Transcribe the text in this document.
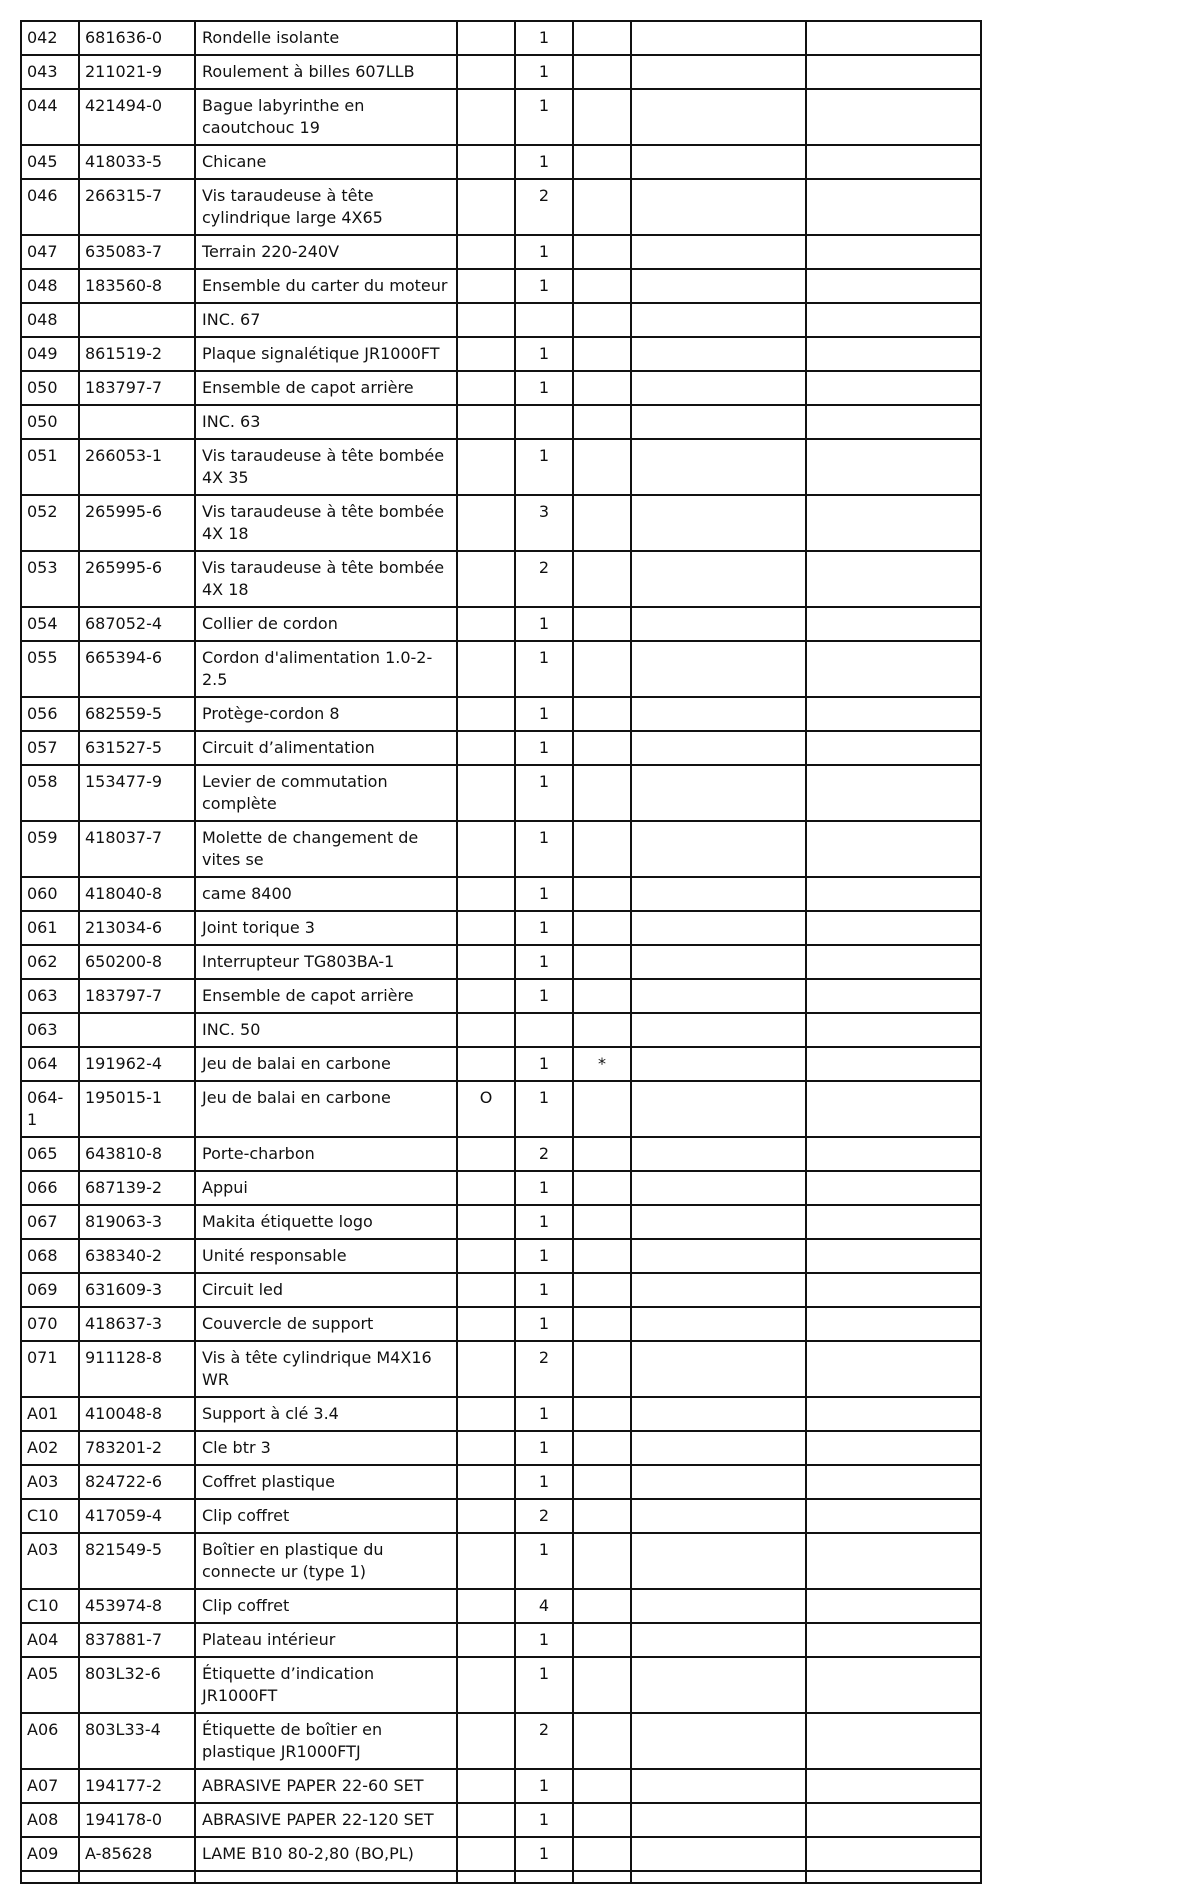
042	681636-0	Rondelle isolante		1			
043	211021-9	Roulement à billes 607LLB		1			
044	421494-0	Bague labyrinthe en caoutchouc 19		1			
045	418033-5	Chicane		1			
046	266315-7	Vis taraudeuse à tête cylindrique large 4X65		2			
047	635083-7	Terrain 220-240V		1			
048	183560-8	Ensemble du carter du moteur		1			
048		INC. 67					
049	861519-2	Plaque signalétique JR1000FT		1			
050	183797-7	Ensemble de capot arrière		1			
050		INC. 63					
051	266053-1	Vis taraudeuse à tête bombée 4X 35		1			
052	265995-6	Vis taraudeuse à tête bombée 4X 18		3			
053	265995-6	Vis taraudeuse à tête bombée 4X 18		2			
054	687052-4	Collier de cordon		1			
055	665394-6	Cordon d'alimentation 1.0-2-2.5		1			
056	682559-5	Protège-cordon 8		1			
057	631527-5	Circuit d’alimentation		1			
058	153477-9	Levier de commutation complète		1			
059	418037-7	Molette de changement de vites se		1			
060	418040-8	came 8400		1			
061	213034-6	Joint torique 3		1			
062	650200-8	Interrupteur TG803BA-1		1			
063	183797-7	Ensemble de capot arrière		1			
063		INC. 50					
064	191962-4	Jeu de balai en carbone		1	*		
064-1	195015-1	Jeu de balai en carbone	O	1			
065	643810-8	Porte-charbon		2			
066	687139-2	Appui		1			
067	819063-3	Makita étiquette logo		1			
068	638340-2	Unité responsable		1			
069	631609-3	Circuit led		1			
070	418637-3	Couvercle de support		1			
071	911128-8	Vis à tête cylindrique M4X16 WR		2			
A01	410048-8	Support à clé 3.4		1			
A02	783201-2	Cle btr 3		1			
A03	824722-6	Coffret plastique		1			
C10	417059-4	Clip coffret		2			
A03	821549-5	Boîtier en plastique du connecte ur (type 1)		1			
C10	453974-8	Clip coffret		4			
A04	837881-7	Plateau intérieur		1			
A05	803L32-6	Étiquette d’indication JR1000FT		1			
A06	803L33-4	Étiquette de boîtier en plastique JR1000FTJ		2			
A07	194177-2	ABRASIVE PAPER 22-60 SET		1			
A08	194178-0	ABRASIVE PAPER 22-120 SET		1			
A09	A-85628	LAME B10 80-2,80 (BO,PL)		1			
